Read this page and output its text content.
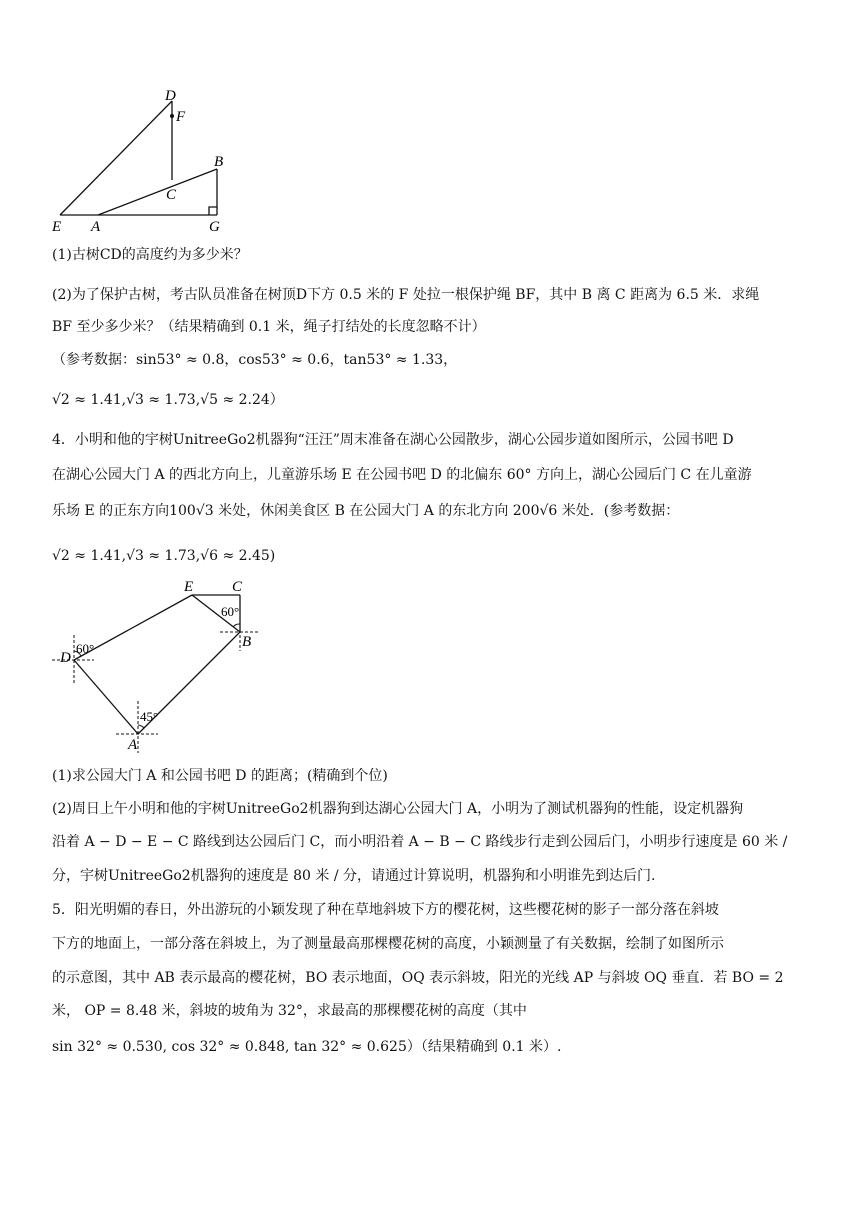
D
F
B
C
E A	G
(1)古树CD的高度约为多少米？
(2)为了保护古树，考古队员准备在树顶D下方 0.5 米的 F 处拉一根保护绳 BF，其中 B 离 C 距离为 6.5 米．求绳
BF 至少多少米？（结果精确到 0.1 米，绳子打结处的长度忽略不计）
（参考数据：sin53° ≈ 0.8，cos53° ≈ 0.6，tan53° ≈ 1.33，
√2 ≈ 1.41,√3 ≈ 1.73,√5 ≈ 2.24）
4．小明和他的宇树UnitreeGo2机器狗“汪汪”周末准备在湖心公园散步，湖心公园步道如图所示，公园书吧 D
在湖心公园大门 A 的西北方向上，儿童游乐场 E 在公园书吧 D 的北偏东 60° 方向上，湖心公园后门 C 在儿童游
乐场 E 的正东方向100√3 米处，休闲美食区 B 在公园大门 A 的东北方向 200√6 米处．(参考数据：
√2 ≈ 1.41,√3 ≈ 1.73,√6 ≈ 2.45)
E	C
D
B
A
60°
60°
45°
(1)求公园大门 A 和公园书吧 D 的距离；(精确到个位)
(2)周日上午小明和他的宇树UnitreeGo2机器狗到达湖心公园大门 A，小明为了测试机器狗的性能，设定机器狗
沿着 A − D − E − C 路线到达公园后门 C，而小明沿着 A − B − C 路线步行走到公园后门，小明步行速度是 60 米 /
分，宇树UnitreeGo2机器狗的速度是 80 米 / 分，请通过计算说明，机器狗和小明谁先到达后门.
5．阳光明媚的春日，外出游玩的小颖发现了种在草地斜坡下方的樱花树，这些樱花树的影子一部分落在斜坡
下方的地面上，一部分落在斜坡上，为了测量最高那棵樱花树的高度，小颖测量了有关数据，绘制了如图所示
的示意图，其中 AB 表示最高的樱花树，BO 表示地面，OQ 表示斜坡，阳光的光线 AP 与斜坡 OQ 垂直．若 BO = 2
米， OP = 8.48 米，斜坡的坡角为 32°，求最高的那棵樱花树的高度（其中
sin 32° ≈ 0.530, cos 32° ≈ 0.848, tan 32° ≈ 0.625）（结果精确到 0.1 米）.
